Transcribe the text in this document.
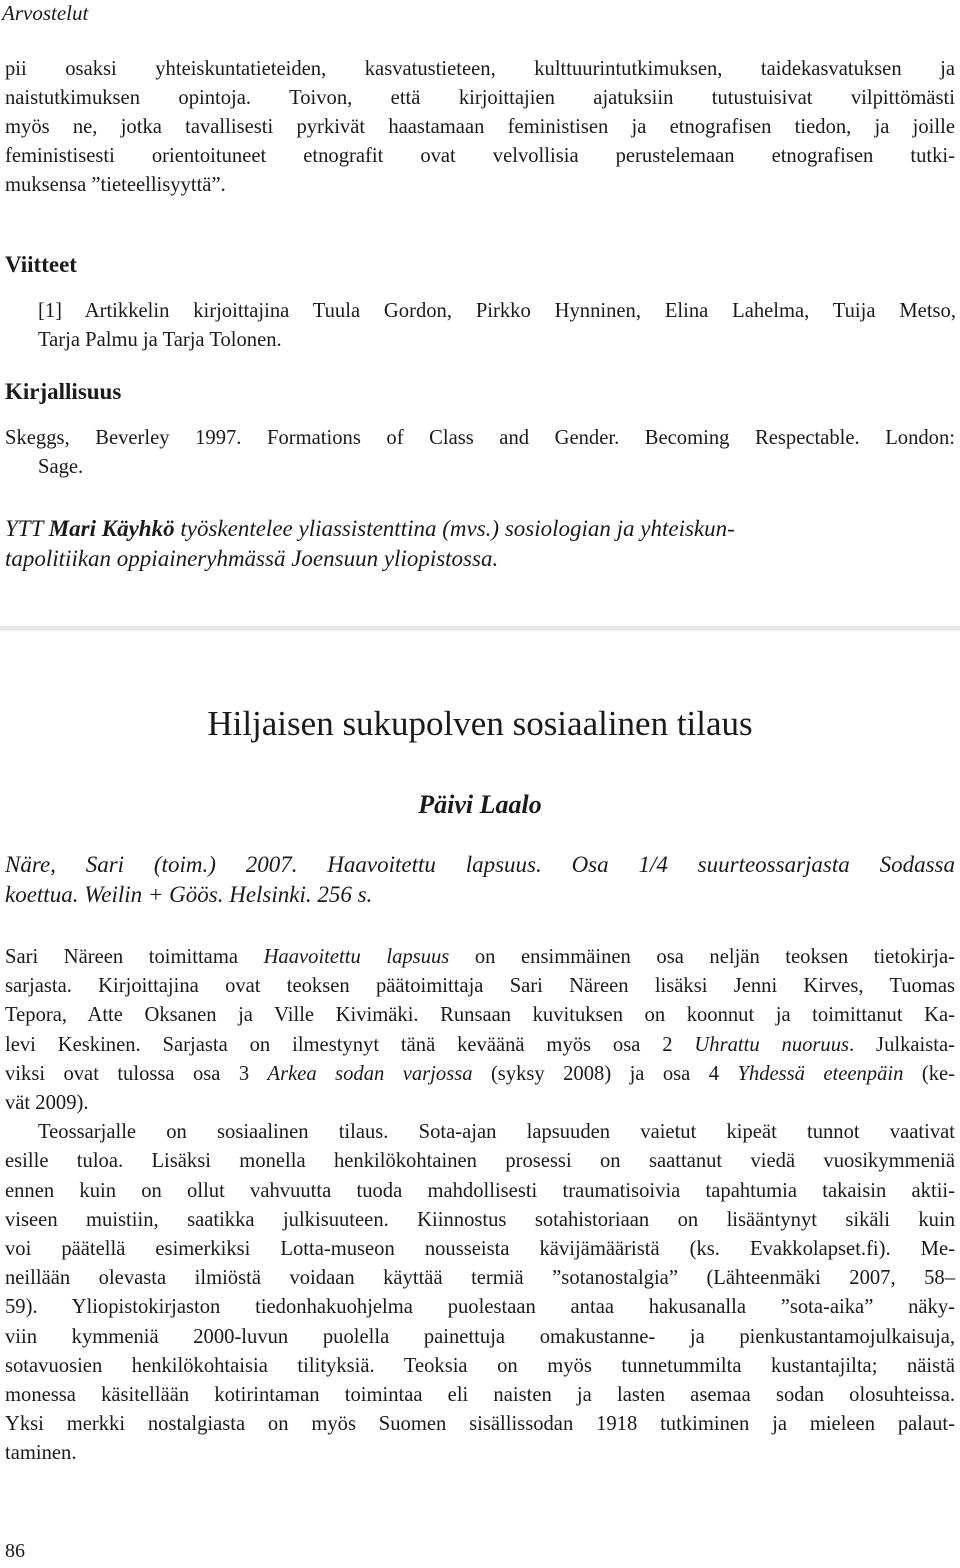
Arvostelut
pii osaksi yhteiskuntatieteiden, kasvatustieteen, kulttuurintutkimuksen, taidekasvatuksen ja
naistutkimuksen opintoja. Toivon, että kirjoittajien ajatuksiin tutustuisivat vilpittömästi
myös ne, jotka tavallisesti pyrkivät haastamaan feministisen ja etnografisen tiedon, ja joille
feministisesti orientoituneet etnografit ovat velvollisia perustelemaan etnografisen tutki-
muksensa ”tieteellisyyttä”.
Viitteet
[1] Artikkelin kirjoittajina Tuula Gordon, Pirkko Hynninen, Elina Lahelma, Tuija Metso,
Tarja Palmu ja Tarja Tolonen.
Kirjallisuus
Skeggs, Beverley 1997. Formations of Class and Gender. Becoming Respectable. London:
Sage.
YTT Mari Käyhkö työskentelee yliassistenttina (mvs.) sosiologian ja yhteiskun-
tapolitiikan oppiaineryhmässä Joensuun yliopistossa.
Hiljaisen sukupolven sosiaalinen tilaus
Päivi Laalo
Näre, Sari (toim.) 2007. Haavoitettu lapsuus. Osa 1/4 suurteossarjasta Sodassa
koettua. Weilin + Göös. Helsinki. 256 s.
Sari Näreen toimittama Haavoitettu lapsuus on ensimmäinen osa neljän teoksen tietokirja-
sarjasta. Kirjoittajina ovat teoksen päätoimittaja Sari Näreen lisäksi Jenni Kirves, Tuomas
Tepora, Atte Oksanen ja Ville Kivimäki. Runsaan kuvituksen on koonnut ja toimittanut Ka-
levi Keskinen. Sarjasta on ilmestynyt tänä keväänä myös osa 2 Uhrattu nuoruus. Julkaista-
viksi ovat tulossa osa 3 Arkea sodan varjossa (syksy 2008) ja osa 4 Yhdessä eteenpäin (ke-
vät 2009).
Teossarjalle on sosiaalinen tilaus. Sota-ajan lapsuuden vaietut kipeät tunnot vaativat
esille tuloa. Lisäksi monella henkilökohtainen prosessi on saattanut viedä vuosikymmeniä
ennen kuin on ollut vahvuutta tuoda mahdollisesti traumatisoivia tapahtumia takaisin aktii-
viseen muistiin, saatikka julkisuuteen. Kiinnostus sotahistoriaan on lisääntynyt sikäli kuin
voi päätellä esimerkiksi Lotta-museon nousseista kävijämääristä (ks. Evakkolapset.fi). Me-
neillään olevasta ilmiöstä voidaan käyttää termiä ”sotanostalgia” (Lähteenmäki 2007, 58–
59). Yliopistokirjaston tiedonhakuohjelma puolestaan antaa hakusanalla ”sota-aika” näky-
viin kymmeniä 2000-luvun puolella painettuja omakustanne- ja pienkustantamojulkaisuja,
sotavuosien henkilökohtaisia tilityksiä. Teoksia on myös tunnetummilta kustantajilta; näistä
monessa käsitellään kotirintaman toimintaa eli naisten ja lasten asemaa sodan olosuhteissa.
Yksi merkki nostalgiasta on myös Suomen sisällissodan 1918 tutkiminen ja mieleen palaut-
taminen.
86
